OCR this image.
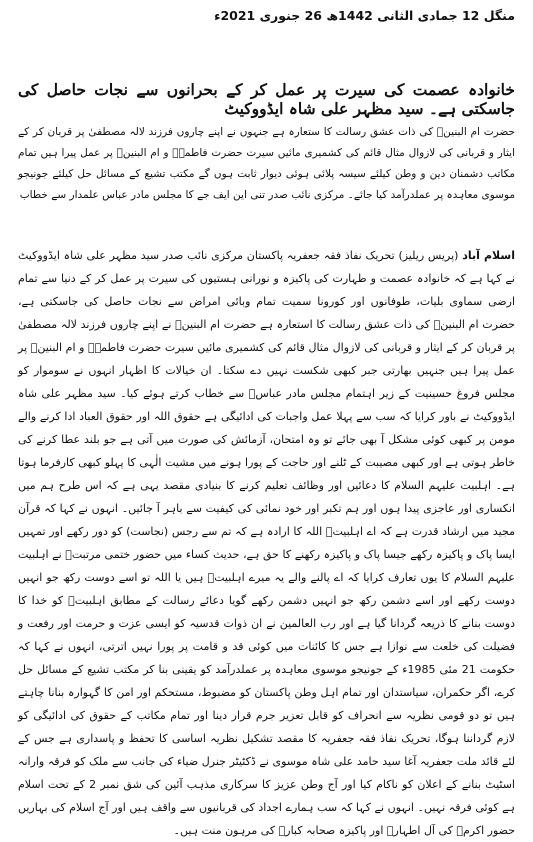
منگل 12 جمادی الثانی 1442ھ 26 جنوری 2021ء
خانوادہ عصمت کی سیرت پر عمل کر کے بحرانوں سے نجات حاصل کی جاسکتی ہے۔ سید مظہر علی شاہ ایڈووکیٹ

حضرت ام البنینؑ کی ذات عشق رسالت کا ستعارہ ہے جنہوں نے اپنے چاروں فرزند لالہ مصطفیٰ پر قربان کر کے ایثار و قربانی کی لازوال مثال قائم کی کشمیری مائیں سیرت حضرت فاطمہؑ و ام البنینؑ پر عمل پیرا ہیں تمام مکاتب دشمنان دین و وطن کیلئے سیسہ پلائی ہوئی دیوار ثابت ہوں گے مکتب تشیع کے مسائل حل کیلئے جونیجو موسوی معاہدہ پر عملدرآمد کیا جائے۔ مرکزی نائب صدر تنی این ایف جے کا مجلس مادر عباس علمدار سے خطاب

اسلام آباد (پریس ریلیز) تحریک نفاذ فقہ جعفریہ پاکستان مرکزی نائب صدر سید مظہر علی شاہ ایڈووکیٹ نے کہا ہے کہ خانوادہ عصمت و طہارت کی پاکیزہ و نورانی ہستیوں کی سیرت پر عمل کر کے دنیا سے تمام ارضی سماوی بلیات، طوفانوں اور کورونا سمیت تمام وبائی امراض سے نجات حاصل کی جاسکتی ہے، حضرت ام البنینؑ کی ذات عشق رسالت کا استعارہ ہے حضرت ام البنینؑ نے اپنے چاروں فرزند لالہ مصطفیٰ پر قربان کر کے ایثار و قربانی کی لازوال مثال قائم کی کشمیری مائیں سیرت حضرت فاطمہؑ و ام البنینؑ پر عمل پیرا ہیں جنہیں بھارتی جبر کبھی شکست نہیں دے سکتا۔ ان خیالات کا اظہار انہوں نے سوموار کو مجلس فروغ حسینیت کے زیر اہتمام مجلس مادر عباسؑ سے خطاب کرتے ہوئے کیا۔ سید مظہر علی شاہ ایڈووکیٹ نے باور کرایا کہ سب سے پہلا عمل واجبات کی ادائیگی ہے حقوق اللہ اور حقوق العباد ادا کرنے والے مومن پر کبھی کوئی مشکل آ بھی جائے تو وہ امتحان، آزمائش کی صورت میں آتی ہے جو بلند عطا کرنے کی خاطر ہوتی ہے اور کبھی مصیبت کے ٹلنے اور حاجت کے پورا ہونے میں مشیت الٰہی کا پہلو کبھی کارفرما ہوتا ہے۔ اہلبیت علیہم السلام کا دعائیں اور وظائف تعلیم کرنے کا بنیادی مقصد یہی ہے کہ اس طرح ہم میں انکساری اور عاجزی پیدا ہوں اور ہم تکبر اور خود نمائی کی کیفیت سے باہر آ جائیں۔ انہوں نے کہا کہ قرآن مجید میں ارشاد قدرت ہے کہ اے اہلبیتؑ اللہ کا ارادہ ہے کہ تم سے رجس (نجاست) کو دور رکھے اور تمہیں ایسا پاک و پاکیزہ رکھے جیسا پاک و پاکیزہ رکھنے کا حق ہے، حدیث کساء میں حضور ختمی مرتبتؐ نے اہلبیت علیہم السلام کا یوں تعارف کرایا کہ اے پالنے والے یہ میرے اہلبیتؑ ہیں یا اللہ تو اسے دوست رکھ جو انہیں دوست رکھے اور اسے دشمن رکھ جو انہیں دشمن رکھے گویا دعائے رسالت کے مطابق اہلبیتؑ کو خدا کا دوست بنانے کا ذریعہ گردانا گیا ہے اور رب العالمین نے ان ذوات قدسیہ کو ایسی عزت و حرمت اور رفعت و فضیلت کی خلعت سے نوازا ہے جس کا کائنات میں کوئی قد و قامت پر پورا نہیں اترتی، انہوں نے کہا کہ حکومت 21 مئی 1985ء کے جونیجو موسوی معاہدہ پر عملدرآمد کو یقینی بنا کر مکتب تشیع کے مسائل حل کرے، اگر حکمران، سیاستدان اور تمام اہل وطن پاکستان کو مضبوط، مستحکم اور امن کا گہوارہ بنانا چاہتے ہیں تو دو قومی نظریہ سے انحراف کو قابل تعزیر جرم قرار دینا اور تمام مکاتب کے حقوق کی ادائیگی کو لازم گرداننا ہوگا، تحریک نفاذ فقہ جعفریہ کا مقصد تشکیل نظریہ اساسی کا تحفظ و پاسداری ہے جس کے لئے قائد ملت جعفریہ آغا سید حامد علی شاہ موسوی نے ڈکٹیٹر جنرل ضیاء کی جانب سے ملک کو فرقہ وارانہ اسٹیٹ بنانے کے اعلان کو ناکام کیا اور آج وطن عزیز کا سرکاری مذہب آئین کی شق نمبر 2 کے تحت اسلام ہے کوئی فرقہ نہیں۔ انہوں نے کہا کہ سب ہمارے اجداد کی قربانیوں سے واقف ہیں اور آج اسلام کی بہاریں حضور اکرمؐ کی آل اطہارؑ اور پاکیزہ صحابہ کبارؓ کی مرہون منت ہیں۔
